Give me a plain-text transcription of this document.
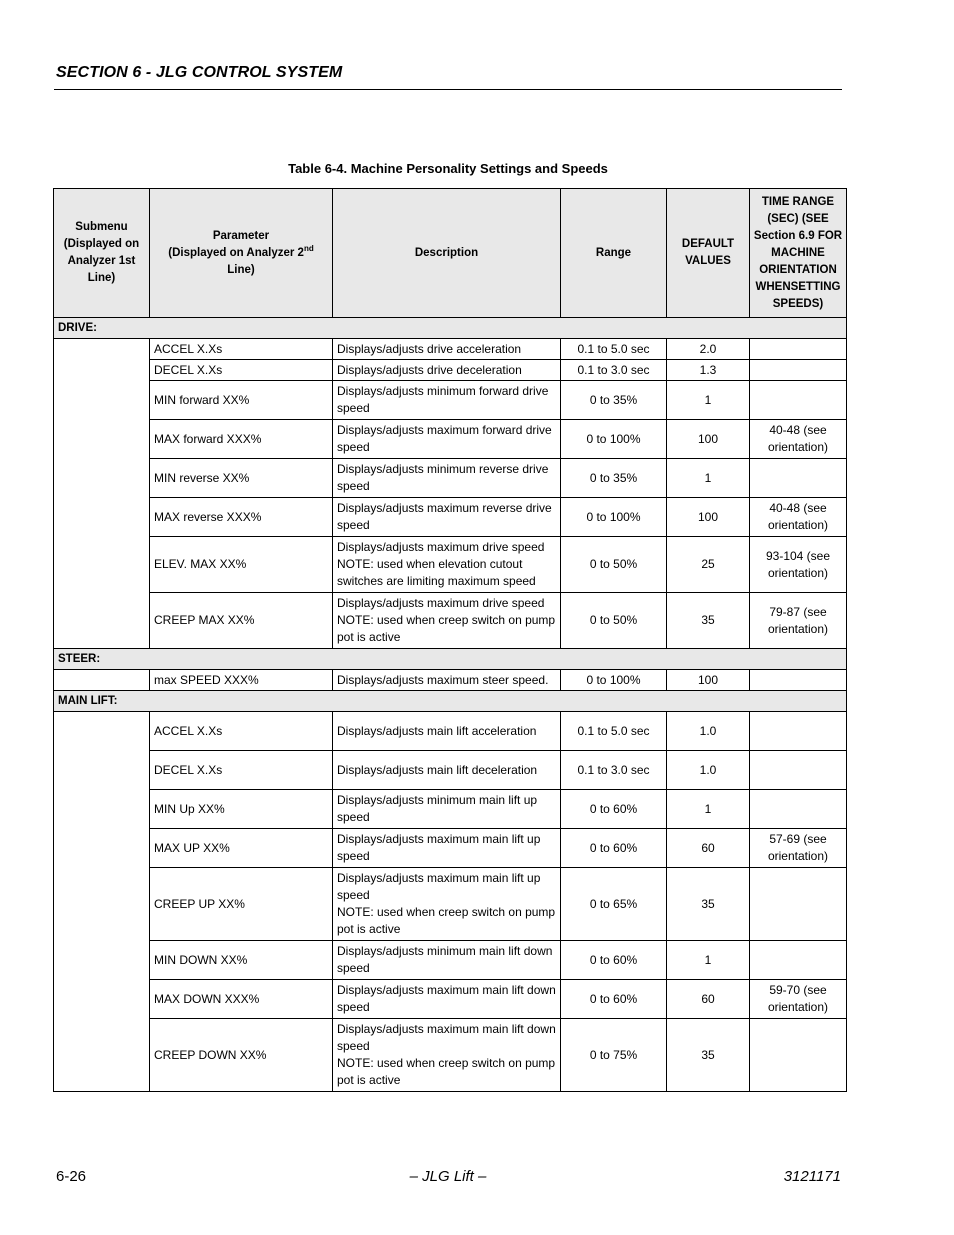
SECTION 6 - JLG CONTROL SYSTEM
Table 6-4. Machine Personality Settings and Speeds
Submenu (Displayed on Analyzer 1st Line)	Parameter
(Displayed on Analyzer 2nd
Line)	Description	Range	DEFAULT VALUES	TIME RANGE (SEC) (SEE Section 6.9 FOR MACHINE ORIENTATION WHENSETTING SPEEDS)
DRIVE:					
	ACCEL X.Xs	Displays/adjusts drive acceleration	0.1 to 5.0 sec	2.0	
	DECEL X.Xs	Displays/adjusts drive deceleration	0.1 to 3.0 sec	1.3	
	MIN forward XX%	Displays/adjusts minimum forward drive speed	0 to 35%	1	
	MAX forward XXX%	Displays/adjusts maximum forward drive speed	0 to 100%	100	40-48 (see orientation)
	MIN reverse XX%	Displays/adjusts minimum reverse drive speed	0 to 35%	1	
	MAX reverse XXX%	Displays/adjusts maximum reverse drive speed	0 to 100%	100	40-48 (see orientation)
	ELEV. MAX XX%	Displays/adjusts maximum drive speed
NOTE: used when elevation cutout switches are limiting maximum speed	0 to 50%	25	93-104 (see orientation)
	CREEP MAX XX%	Displays/adjusts maximum drive speed
NOTE: used when creep switch on pump pot is active	0 to 50%	35	79-87 (see orientation)
STEER:					
	max SPEED XXX%	Displays/adjusts maximum steer speed.	0 to 100%	100	
MAIN LIFT:					
	ACCEL X.Xs	Displays/adjusts main lift acceleration	0.1 to 5.0 sec	1.0	
	DECEL X.Xs	Displays/adjusts main lift deceleration	0.1 to 3.0 sec	1.0	
	MIN Up XX%	Displays/adjusts minimum main lift up speed	0 to 60%	1	
	MAX UP XX%	Displays/adjusts maximum main lift up speed	0 to 60%	60	57-69 (see orientation)
	CREEP UP XX%	Displays/adjusts maximum main lift up speed
NOTE: used when creep switch on pump pot is active	0 to 65%	35	
	MIN DOWN XX%	Displays/adjusts minimum main lift down speed	0 to 60%	1	
	MAX DOWN XXX%	Displays/adjusts maximum main lift down speed	0 to 60%	60	59-70 (see orientation)
	CREEP DOWN XX%	Displays/adjusts maximum main lift down speed
NOTE: used when creep switch on pump pot is active	0 to 75%	35	
6-26	– JLG Lift –	3121171
